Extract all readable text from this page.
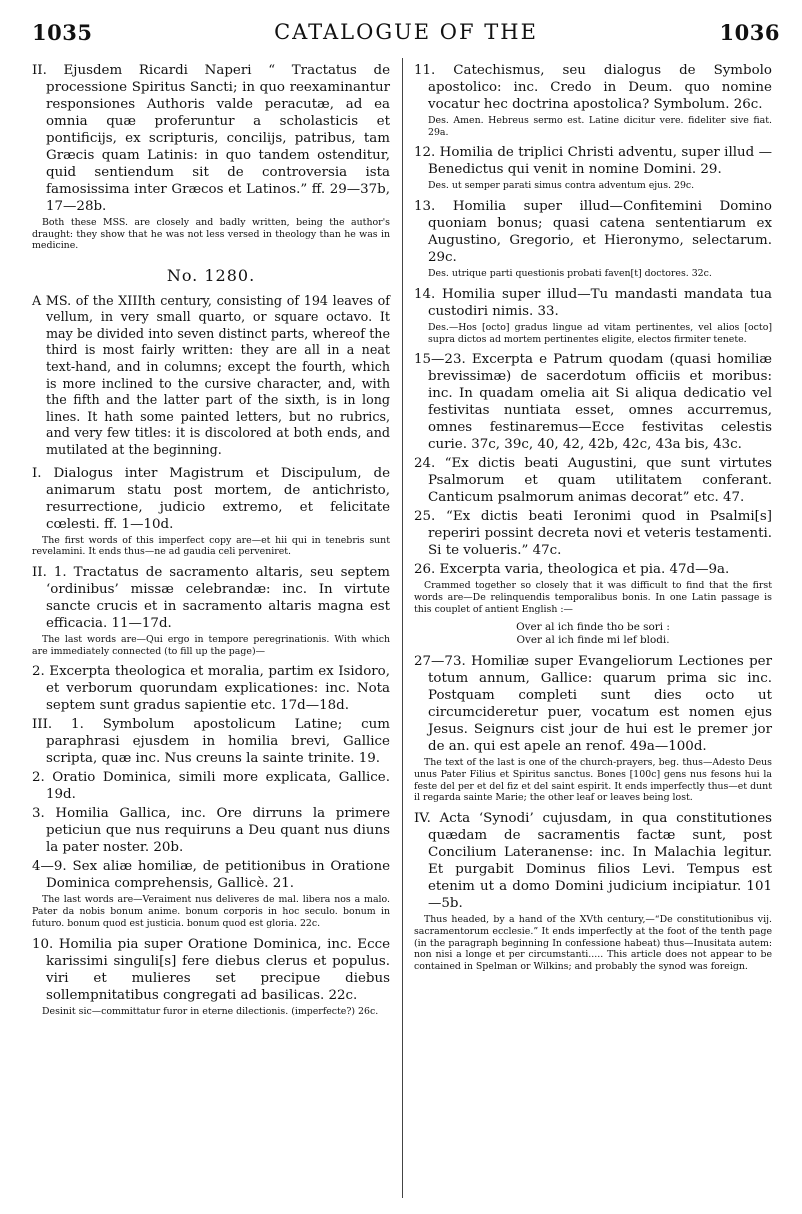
1035	CATALOGUE OF THE	1036

II. Ejusdem Ricardi Naperi “ Tractatus de processione Spiritus Sancti; in quo reexaminantur responsiones Authoris valde peracutæ, ad ea omnia quæ proferuntur a scholasticis et pontificijs, ex scripturis, concilijs, patribus, tam Græcis quam Latinis: in quo tandem ostenditur, quid sentiendum sit de controversia ista famosissima inter Græcos et Latinos.” ff. 29—37b, 17—28b.

Both these MSS. are closely and badly written, being the author's draught: they show that he was not less versed in theology than he was in medicine.

No. 1280.

A MS. of the XIIIth century, consisting of 194 leaves of vellum, in very small quarto, or square octavo. It may be divided into seven distinct parts, whereof the third is most fairly written: they are all in a neat text-hand, and in columns; except the fourth, which is more inclined to the cursive character, and, with the fifth and the latter part of the sixth, is in long lines. It hath some painted letters, but no rubrics, and very few titles: it is discolored at both ends, and mutilated at the beginning.

I. Dialogus inter Magistrum et Discipulum, de animarum statu post mortem, de antichristo, resurrectione, judicio extremo, et felicitate cœlesti. ff. 1—10d.

The first words of this imperfect copy are—et hii qui in tenebris sunt revelamini. It ends thus—ne ad gaudia celi perveniret.

II. 1. Tractatus de sacramento altaris, seu septem ‘ordinibus’ missæ celebrandæ: inc. In virtute sancte crucis et in sacramento altaris magna est efficacia. 11—17d.

The last words are—Qui ergo in tempore peregrinationis. With which are immediately connected (to fill up the page)—

2. Excerpta theologica et moralia, partim ex Isidoro, et verborum quorundam explicationes: inc. Nota septem sunt gradus sapientie etc. 17d—18d.

III. 1. Symbolum apostolicum Latine; cum paraphrasi ejusdem in homilia brevi, Gallice scripta, quæ inc. Nus creuns la sainte trinite. 19.

2. Oratio Dominica, simili more explicata, Gallice. 19d.

3. Homilia Gallica, inc. Ore dirruns la primere peticiun que nus requiruns a Deu quant nus diuns la pater noster. 20b.

4—9. Sex aliæ homiliæ, de petitionibus in Oratione Dominica comprehensis, Gallicè. 21.

The last words are—Veraiment nus deliveres de mal. libera nos a malo. Pater da nobis bonum anime. bonum corporis in hoc seculo. bonum in futuro. bonum quod est justicia. bonum quod est gloria. 22c.

10. Homilia pia super Oratione Dominica, inc. Ecce karissimi singuli[s] fere diebus clerus et populus. viri et mulieres set precipue diebus sollempnitatibus congregati ad basilicas. 22c.

Desinit sic—committatur furor in eterne dilectionis. (imperfecte?) 26c.

11. Catechismus, seu dialogus de Symbolo apostolico: inc. Credo in Deum. quo nomine vocatur hec doctrina apostolica? Symbolum. 26c.

Des. Amen. Hebreus sermo est. Latine dicitur vere. fideliter sive fiat. 29a.

12. Homilia de triplici Christi adventu, super illud —Benedictus qui venit in nomine Domini. 29.

Des. ut semper parati simus contra adventum ejus. 29c.

13. Homilia super illud—Confitemini Domino quoniam bonus; quasi catena sententiarum ex Augustino, Gregorio, et Hieronymo, selectarum. 29c.

Des. utrique parti questionis probati faven[t] doctores. 32c.

14. Homilia super illud—Tu mandasti mandata tua custodiri nimis. 33.

Des.—Hos [octo] gradus lingue ad vitam pertinentes, vel alios [octo] supra dictos ad mortem pertinentes eligite, electos firmiter tenete.

15—23. Excerpta e Patrum quodam (quasi homiliæ brevissimæ) de sacerdotum officiis et moribus: inc. In quadam omelia ait Si aliqua dedicatio vel festivitas nuntiata esset, omnes accurremus, omnes festinaremus—Ecce festivitas celestis curie. 37c, 39c, 40, 42, 42b, 42c, 43a bis, 43c.

24. “Ex dictis beati Augustini, que sunt virtutes Psalmorum et quam utilitatem conferant. Canticum psalmorum animas decorat” etc. 47.

25. “Ex dictis beati Ieronimi quod in Psalmi[s] reperiri possint decreta novi et veteris testamenti. Si te volueris.” 47c.

26. Excerpta varia, theologica et pia. 47d—9a.

Crammed together so closely that it was difficult to find that the first words are—De relinquendis temporalibus bonis. In one Latin passage is this couplet of antient English :—

Over al ich finde tho be sori :

Over al ich finde mi lef blodi.

27—73. Homiliæ super Evangeliorum Lectiones per totum annum, Gallice: quarum prima sic inc. Postquam completi sunt dies octo ut circumcideretur puer, vocatum est nomen ejus Jesus. Seignurs cist jour de hui est le premer jor de an. qui est apele an renof. 49a—100d.

The text of the last is one of the church-prayers, beg. thus—Adesto Deus unus Pater Filius et Spiritus sanctus. Bones [100c] gens nus fesons hui la feste del per et del fiz et del saint espirit. It ends imperfectly thus—et dunt il regarda sainte Marie; the other leaf or leaves being lost.

IV. Acta ‘Synodi’ cujusdam, in qua constitutiones quædam de sacramentis factæ sunt, post Concilium Lateranense: inc. In Malachia legitur. Et purgabit Dominus filios Levi. Tempus est etenim ut a domo Domini judicium incipiatur. 101—5b.

Thus headed, by a hand of the XVth century,—“De constitutionibus vij. sacramentorum ecclesie.” It ends imperfectly at the foot of the tenth page (in the paragraph beginning In confessione habeat) thus—Inusitata autem: non nisi a longe et per circumstanti..... This article does not appear to be contained in Spelman or Wilkins; and probably the synod was foreign.
